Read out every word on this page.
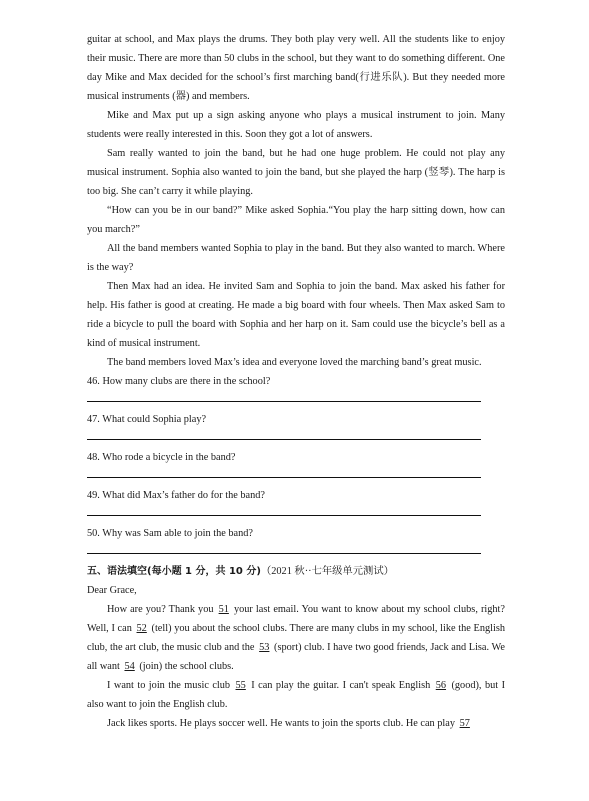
guitar at school, and Max plays the drums. They both play very well. All the students like to enjoy their music. There are more than 50 clubs in the school, but they want to do something different. One day Mike and Max decided for the school’s first marching band(行进乐队). But they needed more musical instruments (器) and members.

Mike and Max put up a sign asking anyone who plays a musical instrument to join. Many students were really interested in this. Soon they got a lot of answers.

Sam really wanted to join the band, but he had one huge problem. He could not play any musical instrument. Sophia also wanted to join the band, but she played the harp (竖琴). The harp is too big. She can’t carry it while playing.

“How can you be in our band?” Mike asked Sophia.“You play the harp sitting down, how can you march?”

All the band members wanted Sophia to play in the band. But they also wanted to march. Where is the way?

Then Max had an idea. He invited Sam and Sophia to join the band. Max asked his father for help. His father is good at creating. He made a big board with four wheels. Then Max asked Sam to ride a bicycle to pull the board with Sophia and her harp on it. Sam could use the bicycle’s bell as a kind of musical instrument.

The band members loved Max’s idea and everyone loved the marching band’s great music.

46. How many clubs are there in the school?

47. What could Sophia play?

48. Who rode a bicycle in the band?

49. What did Max’s father do for the band?

50. Why was Sam able to join the band?

五、语法填空(每小题 1 分，共 10 分)（2021 秋··七年级单元测试）

Dear Grace,

How are you? Thank you 51 your last email. You want to know about my school clubs, right? Well, I can 52 (tell) you about the school clubs. There are many clubs in my school, like the English club, the art club, the music club and the 53 (sport) club. I have two good friends, Jack and Lisa. We all want 54 (join) the school clubs.

I want to join the music club 55 I can play the guitar. I can't speak English 56 (good), but I also want to join the English club.

Jack likes sports. He plays soccer well. He wants to join the sports club. He can play 57
